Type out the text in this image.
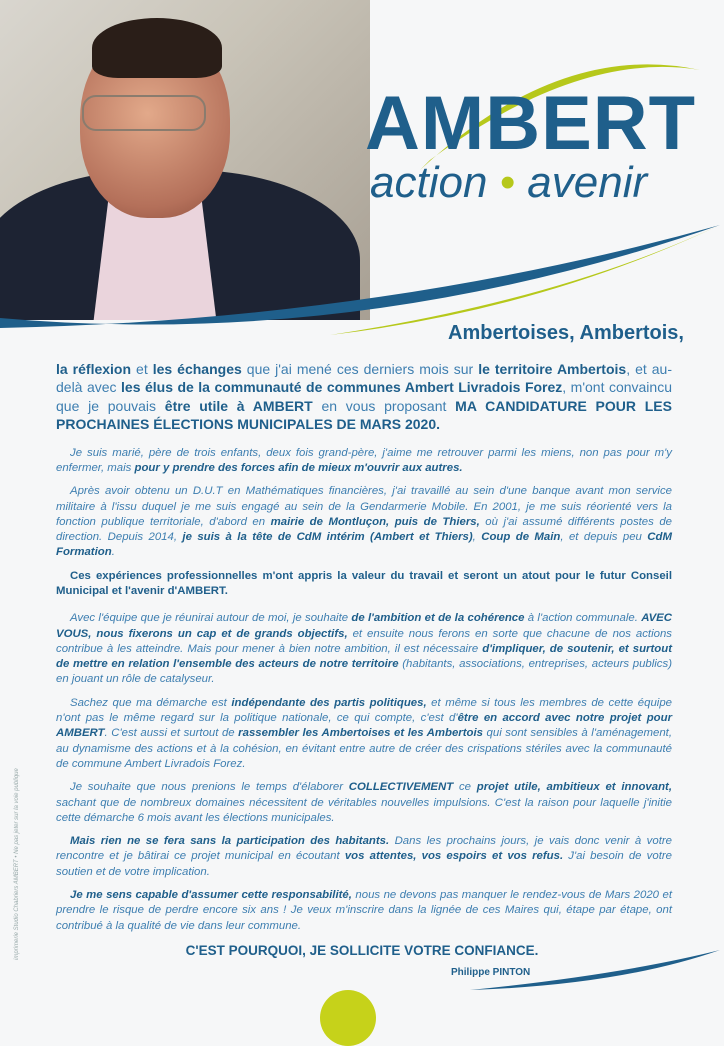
AMBERT
action • avenir
Ambertoises, Ambertois,

la réflexion et les échanges que j'ai mené ces derniers mois sur le territoire Ambertois, et au-delà avec les élus de la communauté de communes Ambert Livradois Forez, m'ont convaincu que je pouvais être utile à AMBERT en vous proposant MA CANDIDATURE POUR LES PROCHAINES ÉLECTIONS MUNICIPALES DE MARS 2020.

Je suis marié, père de trois enfants, deux fois grand-père, j'aime me retrouver parmi les miens, non pas pour m'y enfermer, mais pour y prendre des forces afin de mieux m'ouvrir aux autres.

Après avoir obtenu un D.U.T en Mathématiques financières, j'ai travaillé au sein d'une banque avant mon service militaire à l'issu duquel je me suis engagé au sein de la Gendarmerie Mobile. En 2001, je me suis réorienté vers la fonction publique territoriale, d'abord en mairie de Montluçon, puis de Thiers, où j'ai assumé différents postes de direction. Depuis 2014, je suis à la tête de CdM intérim (Ambert et Thiers), Coup de Main, et depuis peu CdM Formation.

Ces expériences professionnelles m'ont appris la valeur du travail et seront un atout pour le futur Conseil Municipal et l'avenir d'AMBERT.

Avec l'équipe que je réunirai autour de moi, je souhaite de l'ambition et de la cohérence à l'action communale. AVEC VOUS, nous fixerons un cap et de grands objectifs, et ensuite nous ferons en sorte que chacune de nos actions contribue à les atteindre. Mais pour mener à bien notre ambition, il est nécessaire d'impliquer, de soutenir, et surtout de mettre en relation l'ensemble des acteurs de notre territoire (habitants, associations, entreprises, acteurs publics) en jouant un rôle de catalyseur.

Sachez que ma démarche est indépendante des partis politiques, et même si tous les membres de cette équipe n'ont pas le même regard sur la politique nationale, ce qui compte, c'est d'être en accord avec notre projet pour AMBERT. C'est aussi et surtout de rassembler les Ambertoises et les Ambertois qui sont sensibles à l'aménagement, au dynamisme des actions et à la cohésion, en évitant entre autre de créer des crispations stériles avec la communauté de commune Ambert Livradois Forez.

Je souhaite que nous prenions le temps d'élaborer COLLECTIVEMENT ce projet utile, ambitieux et innovant, sachant que de nombreux domaines nécessitent de véritables nouvelles impulsions. C'est la raison pour laquelle j'initie cette démarche 6 mois avant les élections municipales.

Mais rien ne se fera sans la participation des habitants. Dans les prochains jours, je vais donc venir à votre rencontre et je bâtirai ce projet municipal en écoutant vos attentes, vos espoirs et vos refus. J'ai besoin de votre soutien et de votre implication.

Je me sens capable d'assumer cette responsabilité, nous ne devons pas manquer le rendez-vous de Mars 2020 et prendre le risque de perdre encore six ans ! Je veux m'inscrire dans la lignée de ces Maires qui, étape par étape, ont contribué à la qualité de vie dans leur commune.

C'EST POURQUOI, JE SOLLICITE VOTRE CONFIANCE.
Philippe PINTON
imprimerie Studio Chabriers AMBERT • Ne pas jeter sur la voie publique
